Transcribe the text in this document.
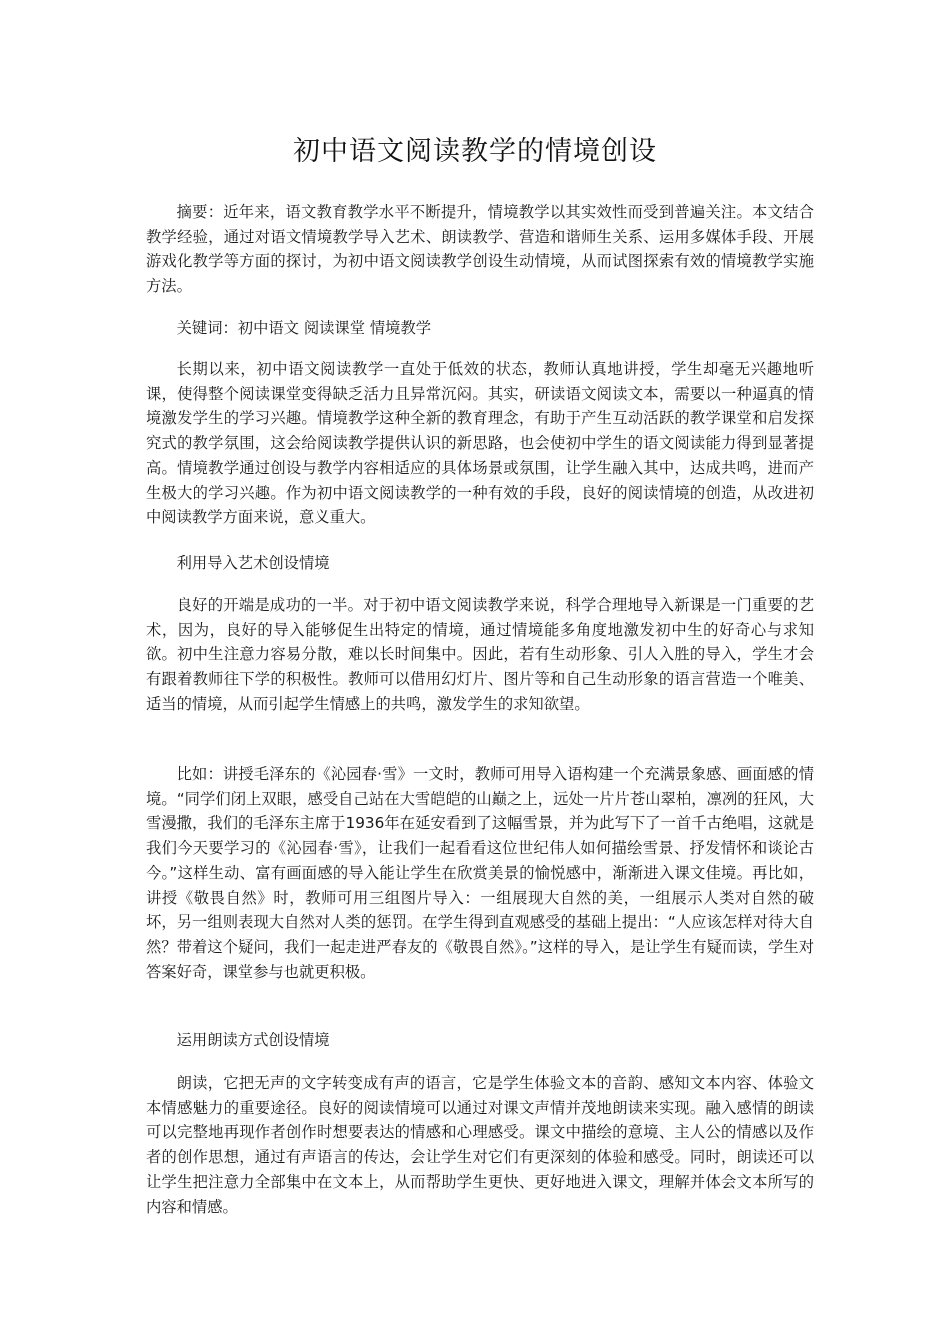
初中语文阅读教学的情境创设
摘要：近年来，语文教育教学水平不断提升，情境教学以其实效性而受到普遍关注。本文结合教学经验，通过对语文情境教学导入艺术、朗读教学、营造和谐师生关系、运用多媒体手段、开展游戏化教学等方面的探讨，为初中语文阅读教学创设生动情境，从而试图探索有效的情境教学实施方法。
关键词：初中语文 阅读课堂 情境教学
长期以来，初中语文阅读教学一直处于低效的状态，教师认真地讲授，学生却毫无兴趣地听课，使得整个阅读课堂变得缺乏活力且异常沉闷。其实，研读语文阅读文本，需要以一种逼真的情境激发学生的学习兴趣。情境教学这种全新的教育理念，有助于产生互动活跃的教学课堂和启发探究式的教学氛围，这会给阅读教学提供认识的新思路，也会使初中学生的语文阅读能力得到显著提高。情境教学通过创设与教学内容相适应的具体场景或氛围，让学生融入其中，达成共鸣，进而产生极大的学习兴趣。作为初中语文阅读教学的一种有效的手段，良好的阅读情境的创造，从改进初中阅读教学方面来说，意义重大。
利用导入艺术创设情境
良好的开端是成功的一半。对于初中语文阅读教学来说，科学合理地导入新课是一门重要的艺术，因为，良好的导入能够促生出特定的情境，通过情境能多角度地激发初中生的好奇心与求知欲。初中生注意力容易分散，难以长时间集中。因此，若有生动形象、引人入胜的导入，学生才会有跟着教师往下学的积极性。教师可以借用幻灯片、图片等和自己生动形象的语言营造一个唯美、适当的情境，从而引起学生情感上的共鸣，激发学生的求知欲望。
比如：讲授毛泽东的《沁园春·雪》一文时，教师可用导入语构建一个充满景象感、画面感的情境。“同学们闭上双眼，感受自己站在大雪皑皑的山巅之上，远处一片片苍山翠柏，凛冽的狂风，大雪漫撒，我们的毛泽东主席于1936年在延安看到了这幅雪景，并为此写下了一首千古绝唱，这就是我们今天要学习的《沁园春·雪》，让我们一起看看这位世纪伟人如何描绘雪景、抒发情怀和谈论古今。”这样生动、富有画面感的导入能让学生在欣赏美景的愉悦感中，渐渐进入课文佳境。再比如，讲授《敬畏自然》时，教师可用三组图片导入：一组展现大自然的美，一组展示人类对自然的破坏，另一组则表现大自然对人类的惩罚。在学生得到直观感受的基础上提出：“人应该怎样对待大自然？带着这个疑问，我们一起走进严春友的《敬畏自然》。”这样的导入，是让学生有疑而读，学生对答案好奇，课堂参与也就更积极。
运用朗读方式创设情境
朗读，它把无声的文字转变成有声的语言，它是学生体验文本的音韵、感知文本内容、体验文本情感魅力的重要途径。良好的阅读情境可以通过对课文声情并茂地朗读来实现。融入感情的朗读可以完整地再现作者创作时想要表达的情感和心理感受。课文中描绘的意境、主人公的情感以及作者的创作思想，通过有声语言的传达，会让学生对它们有更深刻的体验和感受。同时，朗读还可以让学生把注意力全部集中在文本上，从而帮助学生更快、更好地进入课文，理解并体会文本所写的内容和情感。
